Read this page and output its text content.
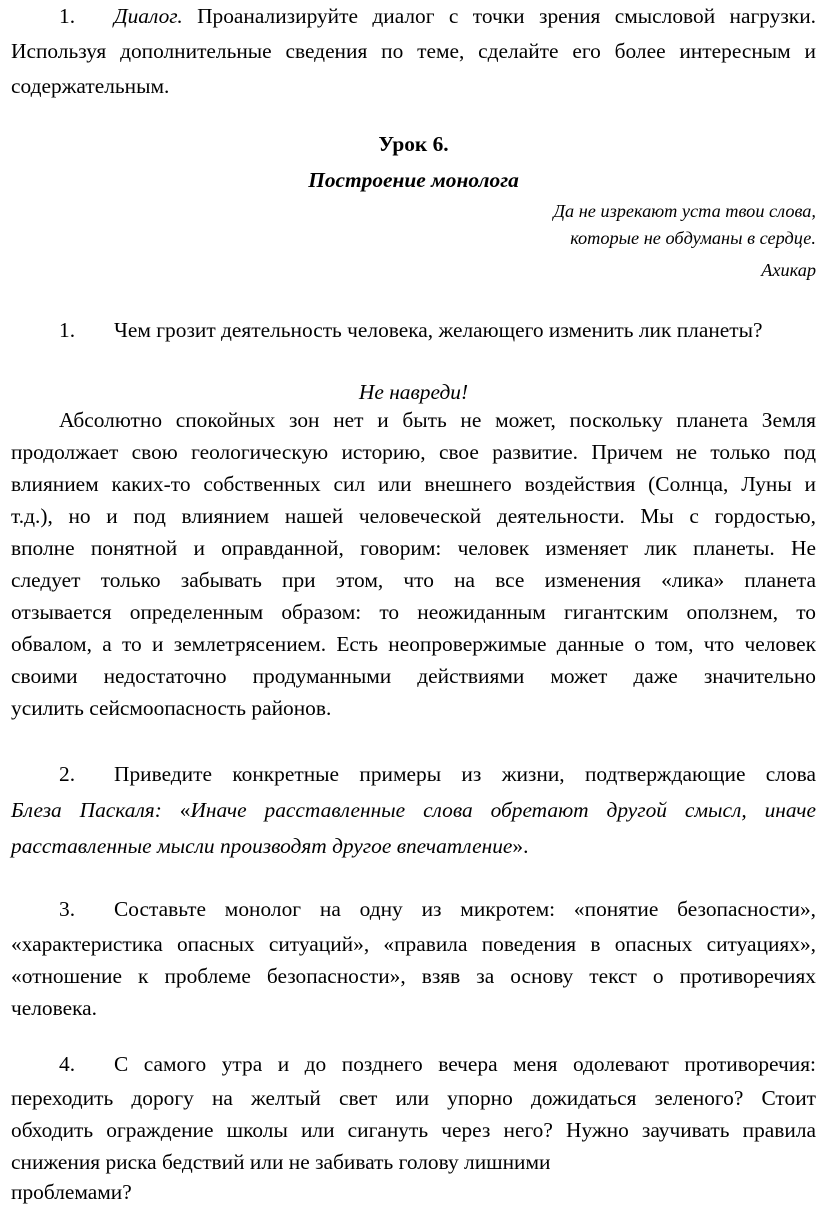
1. Диалог. Проанализируйте диалог с точки зрения смысловой нагрузки.
Используя дополнительные сведения по теме, сделайте его более интересным и
содержательным.
Урок 6.
Построение монолога
Да не изрекают уста твои слова,
которые не обдуманы в сердце.
Ахикар
1. Чем грозит деятельность человека, желающего изменить лик планеты?
Не навреди!
Абсолютно спокойных зон нет и быть не может, поскольку планета Земля
продолжает свою геологическую историю, свое развитие. Причем не только под
влиянием каких-то собственных сил или внешнего воздействия (Солнца, Луны и
т.д.), но и под влиянием нашей человеческой деятельности. Мы с гордостью,
вполне понятной и оправданной, говорим: человек изменяет лик планеты. Не
следует только забывать при этом, что на все изменения «лика» планета
отзывается определенным образом: то неожиданным гигантским оползнем, то
обвалом, а то и землетрясением. Есть неопровержимые данные о том, что человек
своими недостаточно продуманными действиями может даже значительно
усилить сейсмоопасность районов.
2. Приведите конкретные примеры из жизни, подтверждающие слова
Блеза Паскаля: «Иначе расставленные слова обретают другой смысл, иначе
расставленные мысли производят другое впечатление».
3. Составьте монолог на одну из микротем: «понятие безопасности»,
«характеристика опасных ситуаций», «правила поведения в опасных ситуациях»,
«отношение к проблеме безопасности», взяв за основу текст о противоречиях
человека.
4. С самого утра и до позднего вечера меня одолевают противоречия:
переходить дорогу на желтый свет или упорно дожидаться зеленого? Стоит
обходить ограждение школы или сигануть через него? Нужно заучивать правила
снижения риска бедствий или не забивать голову лишними
проблемами?
